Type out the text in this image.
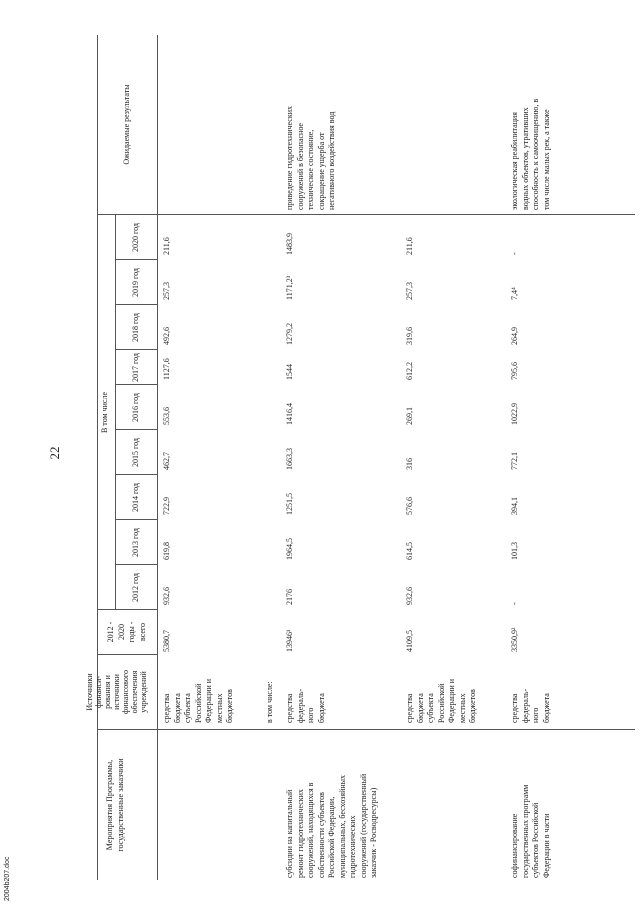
22
2004b207.doc
Мероприятия Программы,
государственные заказчики
Источники
финанси-
рования и
источники
финансового
обеспечения
учреждений
2012 -
2020
годы -
всего
В том числе
2012 год
2013 год
2014 год
2015 год
2016 год
2017 год
2018 год
2019 год
2020 год
Ожидаемые результаты
средства
бюджета
субъекта
Российской
Федерации и
местных
бюджетов
5380,7
932,6
619,8
722,9
462,7
553,6
1127,6
492,6
257,3
211,6
в том числе:
субсидии на капитальный
ремонт гидротехнических
сооружений, находящихся в
собственности субъектов
Российской Федерации,
муниципальных, бесхозяйных
гидротехнических
сооружений (государственный
заказчик - Росводресурсы)
средства
федераль-
ного
бюджета
13946¹
2176
1964,5
1251,5
1663,3
1416,4
1544
1279,2
1171,2³
1483,9
приведение гидротехнических
сооружений в безопасное
техническое состояние,
сокращение ущерба от
негативного воздействия вод
средства
бюджета
субъекта
Российской
Федерации и
местных
бюджетов
4109,5
932,6
614,5
576,6
316
269,1
612,2
319,6
257,3
211,6
софинансирование
государственных программ
субъектов Российской
Федерации в части
средства
федераль-
ного
бюджета
3350,9²
-
101,3
394,1
772,1
1022,9
795,6
264,9
7,4⁴
-
экологическая реабилитация
водных объектов, утративших
способность к самоочищению, в
том числе малых рек, а также
